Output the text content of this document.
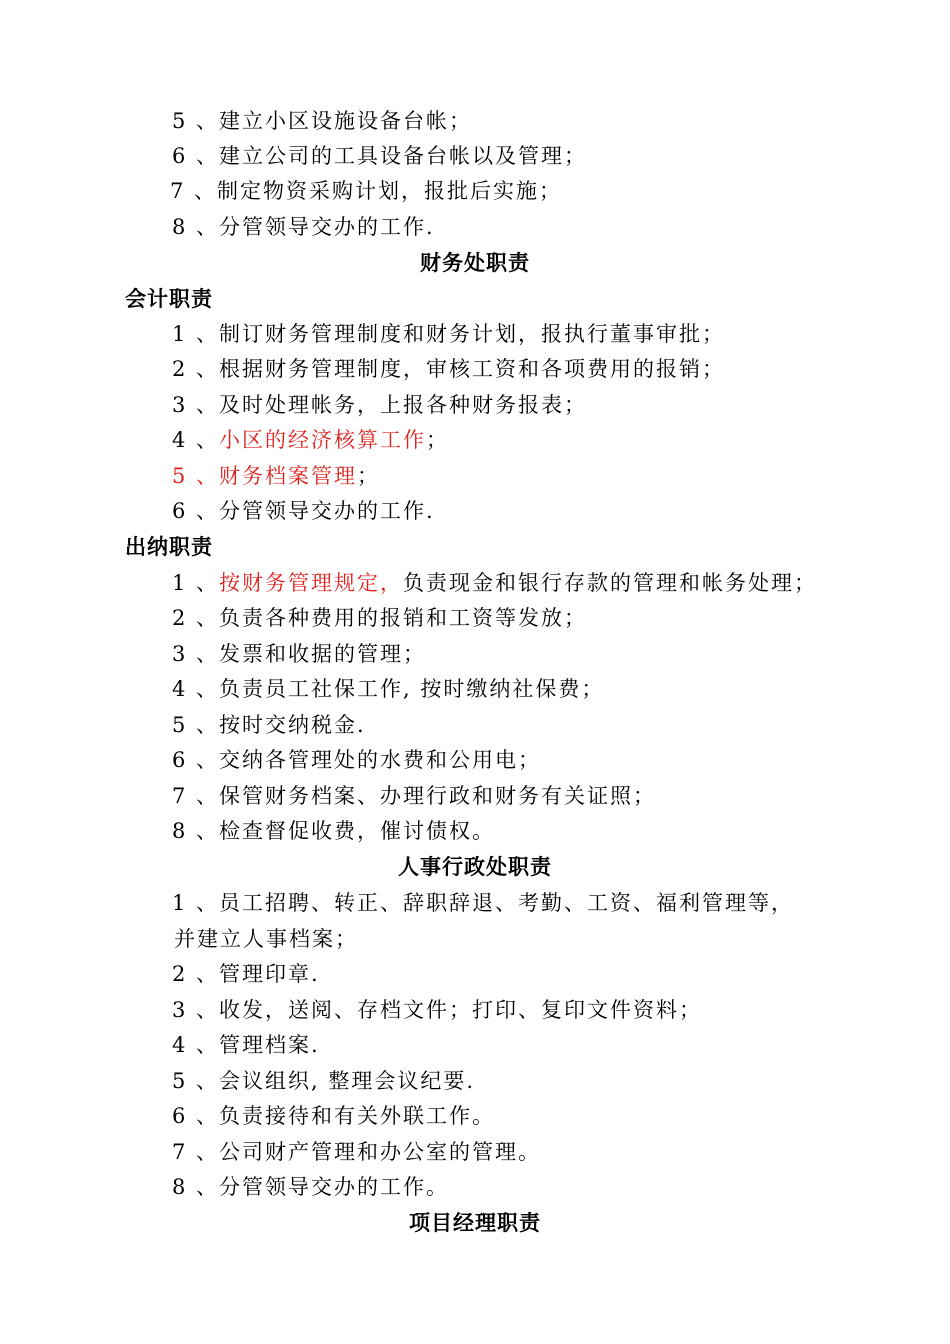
5 、建立小区设施设备台帐；
6 、建立公司的工具设备台帐以及管理；
7 、制定物资采购计划，报批后实施；
8 、分管领导交办的工作.
财务处职责
会计职责
1 、制订财务管理制度和财务计划，报执行董事审批；
2 、根据财务管理制度，审核工资和各项费用的报销；
3 、及时处理帐务，上报各种财务报表；
4 、小区的经济核算工作；
5 、财务档案管理；
6 、分管领导交办的工作.
出纳职责
1 、按财务管理规定，负责现金和银行存款的管理和帐务处理；
2 、负责各种费用的报销和工资等发放；
3 、发票和收据的管理；
4 、负责员工社保工作, 按时缴纳社保费；
5 、按时交纳税金.
6 、交纳各管理处的水费和公用电；
7 、保管财务档案、办理行政和财务有关证照；
8 、检查督促收费，催讨债权。
人事行政处职责
1 、员工招聘、转正、辞职辞退、考勤、工资、福利管理等，
并建立人事档案；
2 、管理印章.
3 、收发，送阅、存档文件；打印、复印文件资料；
4 、管理档案.
5 、会议组织, 整理会议纪要.
6 、负责接待和有关外联工作。
7 、公司财产管理和办公室的管理。
8 、分管领导交办的工作。
项目经理职责
